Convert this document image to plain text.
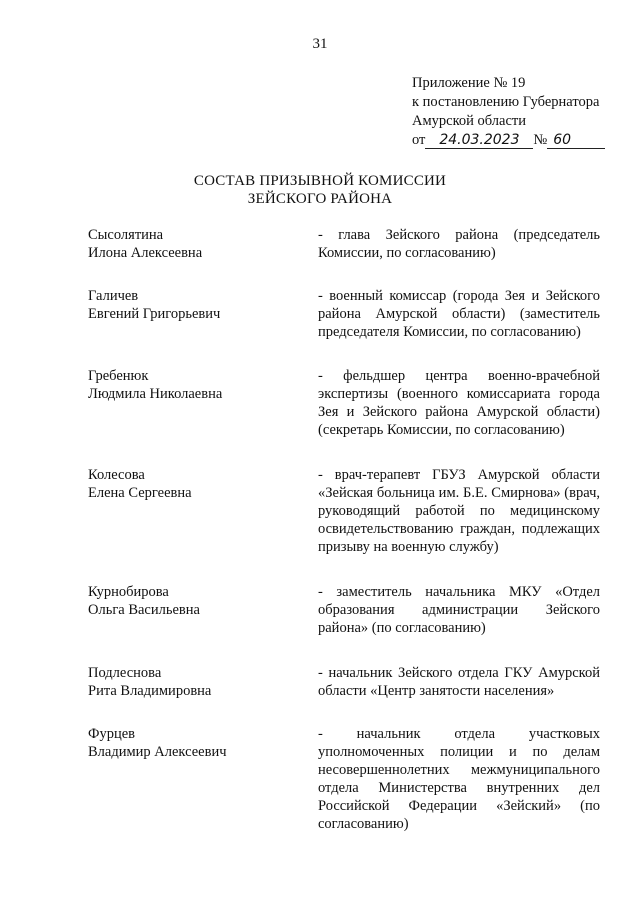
31
Приложение № 19
к постановлению Губернатора
Амурской области
от 24.03.2023 № 60
СОСТАВ ПРИЗЫВНОЙ КОМИССИИ
ЗЕЙСКОГО РАЙОНА
Сысолятина
Илона Алексеевна
- глава Зейского района (председатель Комиссии, по согласованию)
Галичев
Евгений Григорьевич
- военный комиссар (города Зея и Зейского района Амурской области) (заместитель председателя Комиссии, по согласованию)
Гребенюк
Людмила Николаевна
- фельдшер центра военно-врачебной экспертизы (военного комиссариата города Зея и Зейского района Амурской области) (секретарь Комиссии, по согласованию)
Колесова
Елена Сергеевна
- врач-терапевт ГБУЗ Амурской области «Зейская больница им. Б.Е. Смирнова» (врач, руководящий работой по медицинскому освидетельствованию граждан, подлежащих призыву на военную службу)
Курнобирова
Ольга Васильевна
- заместитель начальника МКУ «Отдел образования администрации Зейского района» (по согласованию)
Подлеснова
Рита Владимировна
- начальник Зейского отдела ГКУ Амурской области «Центр занятости населения»
Фурцев
Владимир Алексеевич
- начальник отдела участковых уполномоченных полиции и по делам несовершеннолетних межмуниципального отдела Министерства внутренних дел Российской Федерации «Зейский» (по согласованию)
